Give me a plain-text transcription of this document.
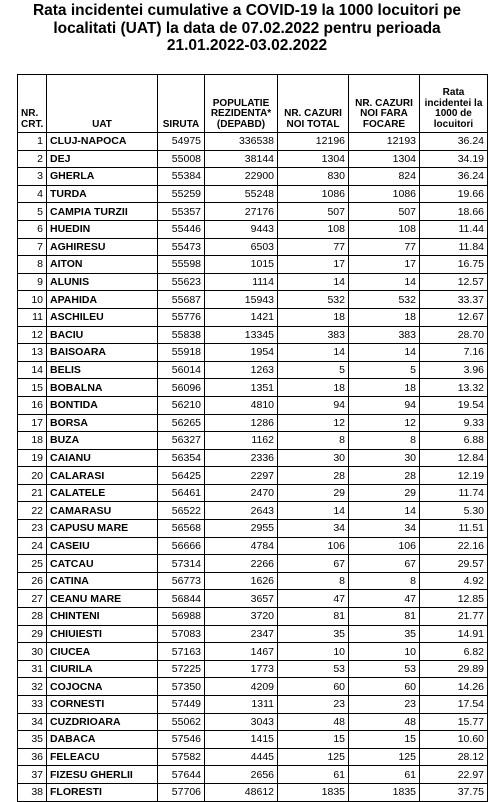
Rata incidentei cumulative a COVID-19 la 1000 locuitori pe
localitati (UAT) la data de 07.02.2022 pentru perioada
21.01.2022-03.02.2022
NR. CRT.	UAT	SIRUTA	POPULATIE REZIDENTA* (DEPABD)	NR. CAZURI NOI TOTAL	NR. CAZURI NOI FARA FOCARE	Rata incidentei la 1000 de locuitori
1	CLUJ-NAPOCA	54975	336538	12196	12193	36.24
2	DEJ	55008	38144	1304	1304	34.19
3	GHERLA	55384	22900	830	824	36.24
4	TURDA	55259	55248	1086	1086	19.66
5	CAMPIA TURZII	55357	27176	507	507	18.66
6	HUEDIN	55446	9443	108	108	11.44
7	AGHIRESU	55473	6503	77	77	11.84
8	AITON	55598	1015	17	17	16.75
9	ALUNIS	55623	1114	14	14	12.57
10	APAHIDA	55687	15943	532	532	33.37
11	ASCHILEU	55776	1421	18	18	12.67
12	BACIU	55838	13345	383	383	28.70
13	BAISOARA	55918	1954	14	14	7.16
14	BELIS	56014	1263	5	5	3.96
15	BOBALNA	56096	1351	18	18	13.32
16	BONTIDA	56210	4810	94	94	19.54
17	BORSA	56265	1286	12	12	9.33
18	BUZA	56327	1162	8	8	6.88
19	CAIANU	56354	2336	30	30	12.84
20	CALARASI	56425	2297	28	28	12.19
21	CALATELE	56461	2470	29	29	11.74
22	CAMARASU	56522	2643	14	14	5.30
23	CAPUSU MARE	56568	2955	34	34	11.51
24	CASEIU	56666	4784	106	106	22.16
25	CATCAU	57314	2266	67	67	29.57
26	CATINA	56773	1626	8	8	4.92
27	CEANU MARE	56844	3657	47	47	12.85
28	CHINTENI	56988	3720	81	81	21.77
29	CHIUIESTI	57083	2347	35	35	14.91
30	CIUCEA	57163	1467	10	10	6.82
31	CIURILA	57225	1773	53	53	29.89
32	COJOCNA	57350	4209	60	60	14.26
33	CORNESTI	57449	1311	23	23	17.54
34	CUZDRIOARA	55062	3043	48	48	15.77
35	DABACA	57546	1415	15	15	10.60
36	FELEACU	57582	4445	125	125	28.12
37	FIZESU GHERLII	57644	2656	61	61	22.97
38	FLORESTI	57706	48612	1835	1835	37.75
